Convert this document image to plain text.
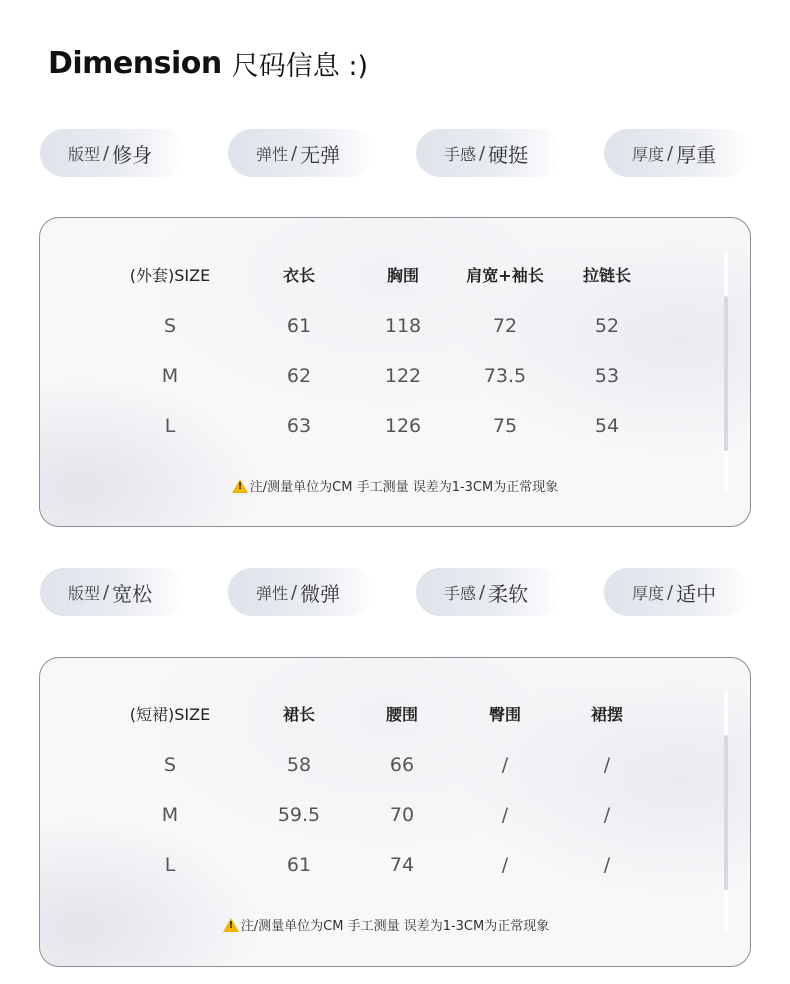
Dimension 尺码信息 :)
版型 / 修身	弹性 / 无弹	手感 / 硬挺	厚度 / 厚重
(外套)SIZE	衣长	胸围	肩宽+袖长	拉链长
S	61	118	72	52
M	62	122	73.5	53
L	63	126	75	54
!注/测量单位为CM 手工测量 误差为1-3CM为正常现象
版型 / 宽松	弹性 / 微弹	手感 / 柔软	厚度 / 适中
(短裙)SIZE	裙长	腰围	臀围	裙摆
S	58	66	/	/
M	59.5	70	/	/
L	61	74	/	/
!注/测量单位为CM 手工测量 误差为1-3CM为正常现象
